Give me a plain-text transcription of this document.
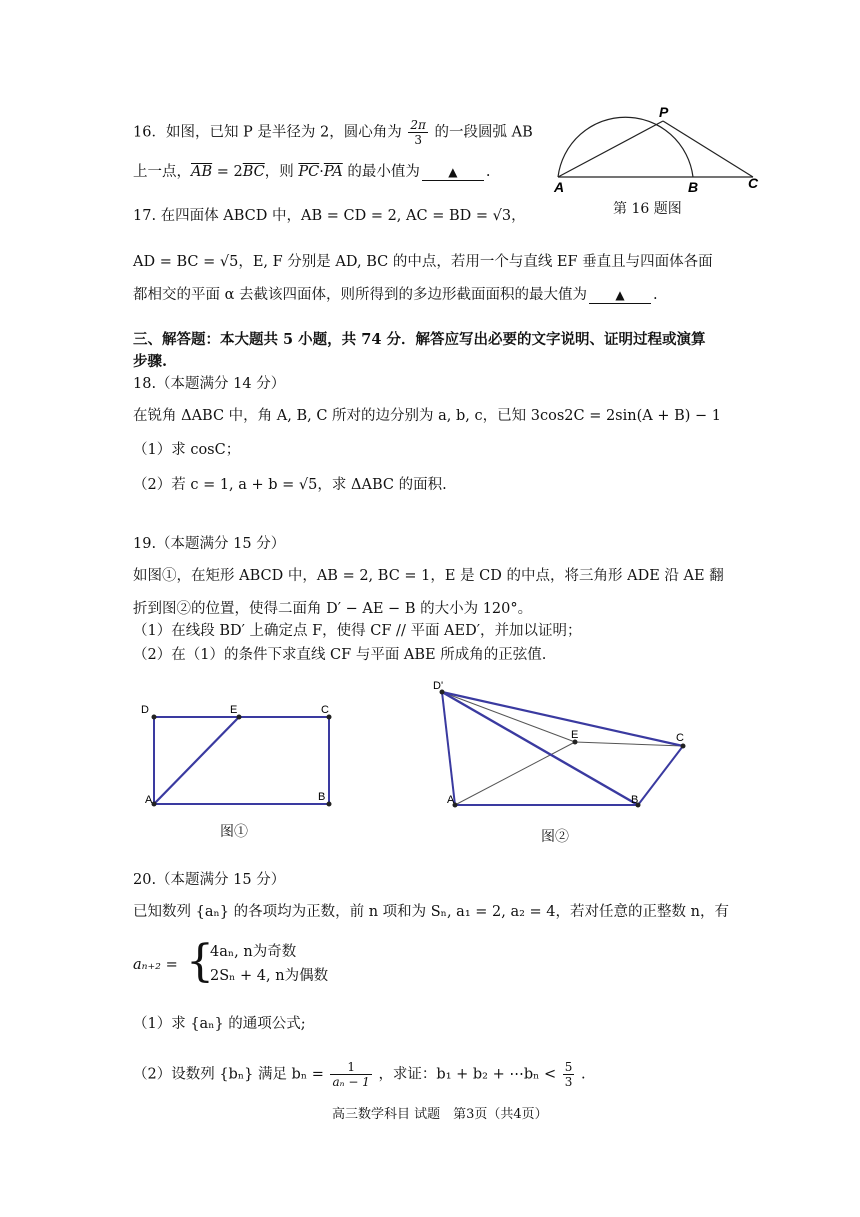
16．如图，已知 P 是半径为 2，圆心角为 $\frac{2\pi}{3}$ 的一段圆弧 AB
上一点，$\overline{AB} = 2\overline{BC}$，则 $\overline{PC}\cdot\overline{PA}$ 的最小值为 ▲ .
P
A	B	C
第 16 题图
17. 在四面体 ABCD 中，AB = CD = 2, AC = BD = √3，
AD = BC = √5，E, F 分别是 AD, BC 的中点，若用一个与直线 EF 垂直且与四面体各面
都相交的平面 α 去截该四面体，则所得到的多边形截面面积的最大值为 ▲ .
三、解答题：本大题共 5 小题，共 74 分．解答应写出必要的文字说明、证明过程或演算
步骤.
18.（本题满分 14 分）
在锐角 ΔABC 中，角 A, B, C 所对的边分别为 a, b, c，已知 3cos2C = 2sin(A + B) − 1
（1）求 cosC；
（2）若 c = 1, a + b = √5，求 ΔABC 的面积.
19.（本题满分 15 分）
如图①，在矩形 ABCD 中，AB = 2, BC = 1，E 是 CD 的中点，将三角形 ADE 沿 AE 翻
折到图②的位置，使得二面角 D′ − AE − B 的大小为 120°。
（1）在线段 BD′ 上确定点 F，使得 CF // 平面 AED′，并加以证明；
（2）在（1）的条件下求直线 CF 与平面 ABE 所成角的正弦值.
D	E	C
A	B
图①
D'
E	C
A	B
图②
20.（本题满分 15 分）
已知数列 {aₙ} 的各项均为正数，前 n 项和为 Sₙ, a₁ = 2, a₂ = 4，若对任意的正整数 n，有
aₙ₊₂ = {
4aₙ, n为奇数
2Sₙ + 4, n为偶数
（1）求 {aₙ} 的通项公式;
（2）设数列 {bₙ} 满足 $b_n = \frac{1}{\text{aₙ − 1}}$ ，求证：b₁ + b₂ + ⋯bₙ < $\frac{5}{3}$ .
高三数学科目 试题　第3页（共4页）
